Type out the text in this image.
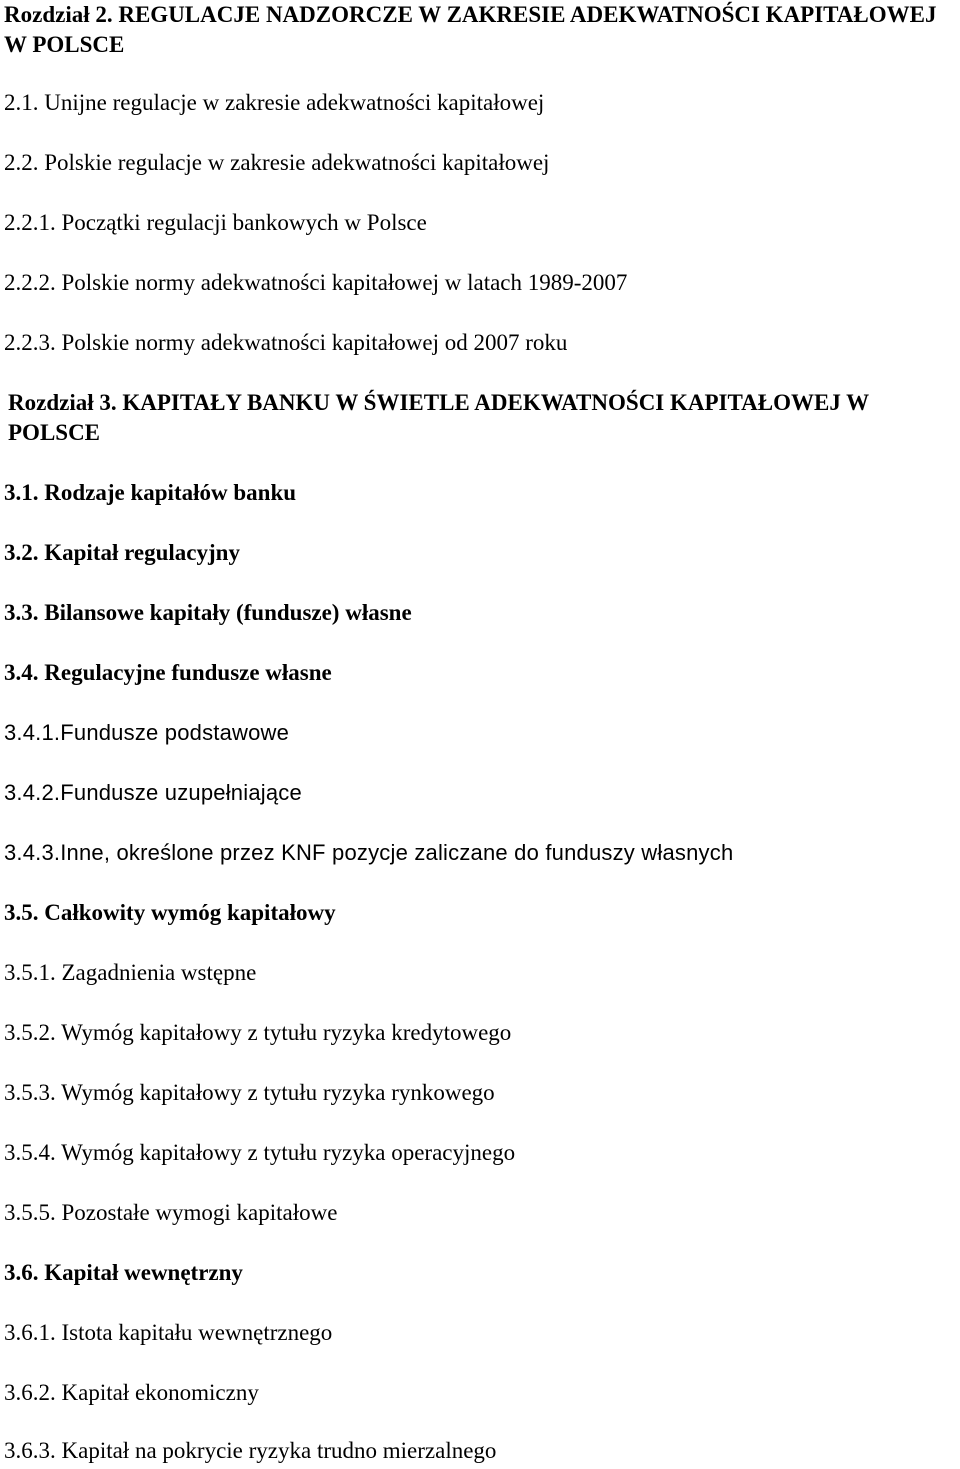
Rozdział 2. REGULACJE NADZORCZE W ZAKRESIE ADEKWATNOŚCI KAPITAŁOWEJ W POLSCE
2.1. Unijne regulacje w zakresie adekwatności kapitałowej
2.2. Polskie regulacje w zakresie adekwatności kapitałowej
2.2.1. Początki regulacji bankowych w Polsce
2.2.2. Polskie normy adekwatności kapitałowej w latach 1989-2007
2.2.3. Polskie normy adekwatności kapitałowej od 2007 roku
Rozdział 3. KAPITAŁY BANKU W ŚWIETLE ADEKWATNOŚCI KAPITAŁOWEJ W POLSCE
3.1. Rodzaje kapitałów banku
3.2. Kapitał regulacyjny
3.3. Bilansowe kapitały (fundusze) własne
3.4. Regulacyjne fundusze własne
3.4.1.Fundusze podstawowe
3.4.2.Fundusze uzupełniające
3.4.3.Inne, określone przez KNF pozycje zaliczane do funduszy własnych
3.5. Całkowity wymóg kapitałowy
3.5.1. Zagadnienia wstępne
3.5.2. Wymóg kapitałowy z tytułu ryzyka kredytowego
3.5.3. Wymóg kapitałowy z tytułu ryzyka rynkowego
3.5.4. Wymóg kapitałowy z tytułu ryzyka operacyjnego
3.5.5. Pozostałe wymogi kapitałowe
3.6. Kapitał wewnętrzny
3.6.1. Istota kapitału wewnętrznego
3.6.2. Kapitał ekonomiczny
3.6.3. Kapitał na pokrycie ryzyka trudno mierzalnego
